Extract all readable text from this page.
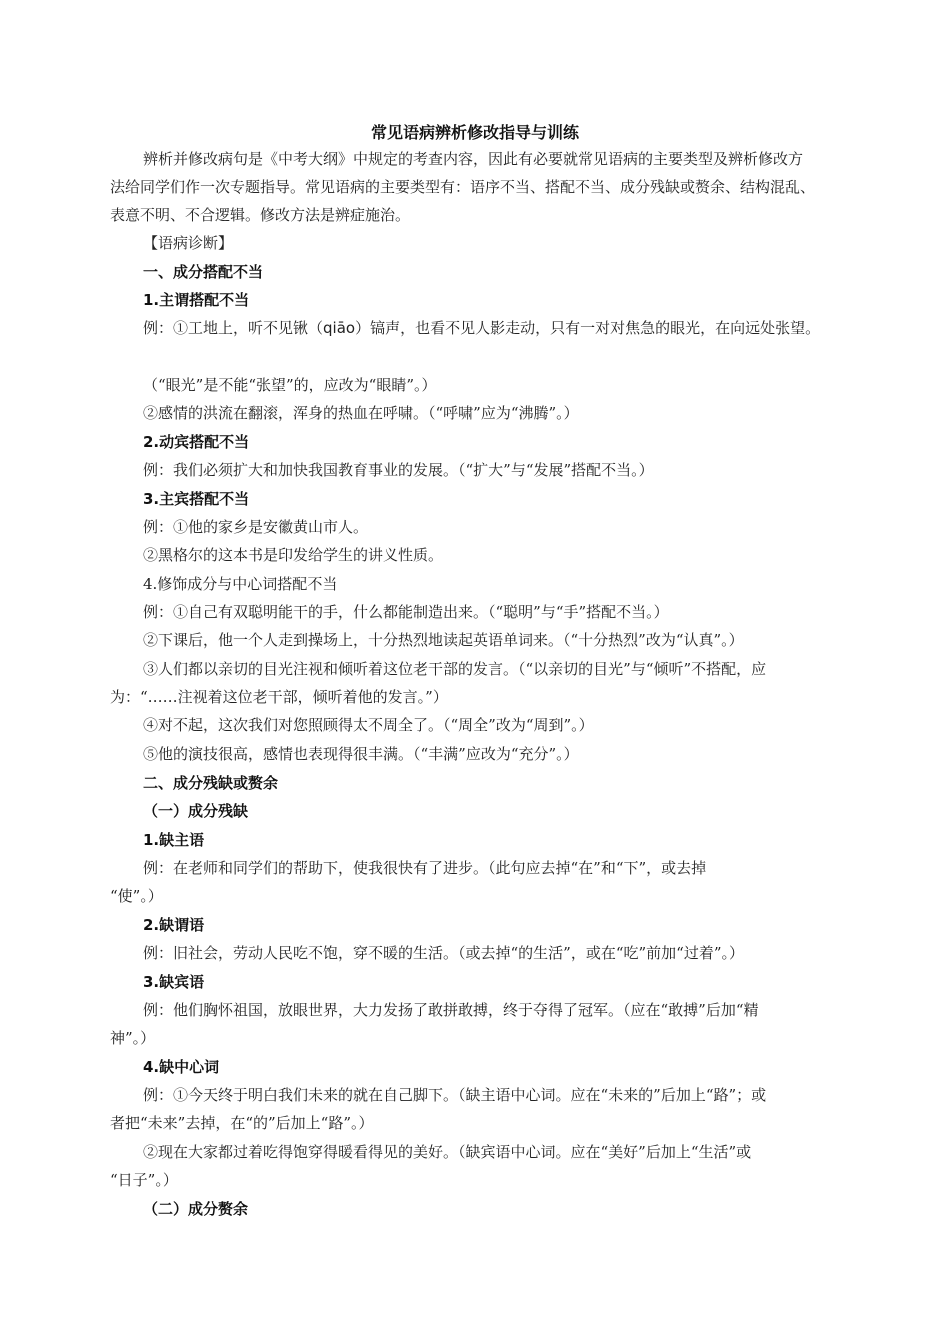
常见语病辨析修改指导与训练
辨析并修改病句是《中考大纲》中规定的考查内容，因此有必要就常见语病的主要类型及辨析修改方
法给同学们作一次专题指导。常见语病的主要类型有：语序不当、搭配不当、成分残缺或赘余、结构混乱、
表意不明、不合逻辑。修改方法是辨症施治。
【语病诊断】
一、成分搭配不当
1.主谓搭配不当
例：①工地上，听不见锹（qiāo）镐声，也看不见人影走动，只有一对对焦急的眼光，在向远处张望。
（“眼光”是不能“张望”的，应改为“眼睛”。）
②感情的洪流在翻滚，浑身的热血在呼啸。（“呼啸”应为“沸腾”。）
2.动宾搭配不当
例：我们必须扩大和加快我国教育事业的发展。（“扩大”与“发展”搭配不当。）
3.主宾搭配不当
例：①他的家乡是安徽黄山市人。
②黑格尔的这本书是印发给学生的讲义性质。
4.修饰成分与中心词搭配不当
例：①自己有双聪明能干的手，什么都能制造出来。（“聪明”与“手”搭配不当。）
②下课后，他一个人走到操场上，十分热烈地读起英语单词来。（“十分热烈”改为“认真”。）
③人们都以亲切的目光注视和倾听着这位老干部的发言。（“以亲切的目光”与“倾听”不搭配，应
为：“……注视着这位老干部，倾听着他的发言。”）
④对不起，这次我们对您照顾得太不周全了。（“周全”改为“周到”。）
⑤他的演技很高，感情也表现得很丰满。（“丰满”应改为“充分”。）
二、成分残缺或赘余
（一）成分残缺
1.缺主语
例：在老师和同学们的帮助下，使我很快有了进步。（此句应去掉“在”和“下”，或去掉
“使”。）
2.缺谓语
例：旧社会，劳动人民吃不饱，穿不暖的生活。（或去掉“的生活”，或在“吃”前加“过着”。）
3.缺宾语
例：他们胸怀祖国，放眼世界，大力发扬了敢拼敢搏，终于夺得了冠军。（应在“敢搏”后加“精
神”。）
4.缺中心词
例：①今天终于明白我们未来的就在自己脚下。（缺主语中心词。应在“未来的”后加上“路”；或
者把“未来”去掉，在“的”后加上“路”。）
②现在大家都过着吃得饱穿得暖看得见的美好。（缺宾语中心词。应在“美好”后加上“生活”或
“日子”。）
（二）成分赘余
